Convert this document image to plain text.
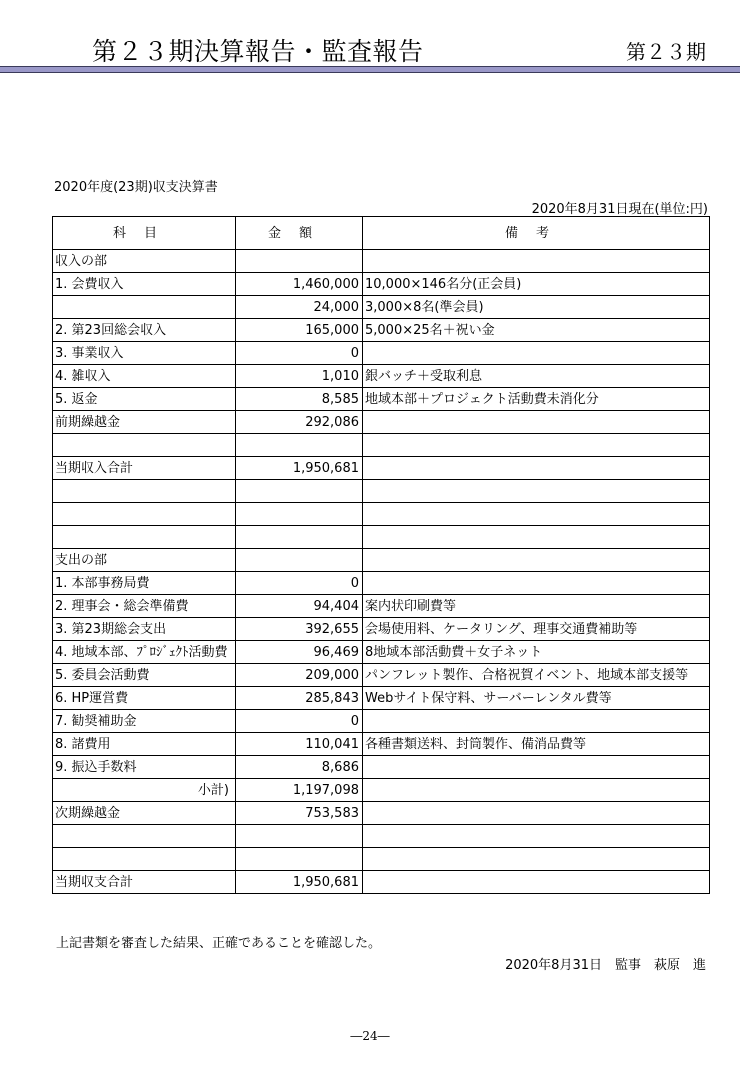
第２３期決算報告・監査報告	第２３期
2020年度(23期)収支決算書
2020年8月31日現在(単位:円)
科目	金額	備考
収入の部		
1. 会費収入	1,460,000	10,000×146名分(正会員)
	24,000	3,000×8名(準会員)
2. 第23回総会収入	165,000	5,000×25名＋祝い金
3. 事業収入	0	
4. 雑収入	1,010	銀バッチ＋受取利息
5. 返金	8,585	地域本部＋プロジェクト活動費未消化分
前期繰越金	292,086	

当期収入合計	1,950,681	

支出の部		
1. 本部事務局費	0	
2. 理事会・総会準備費	94,404	案内状印刷費等
3. 第23期総会支出	392,655	会場使用料、ケータリング、理事交通費補助等
4. 地域本部、ﾌﾟﾛｼﾞｪｸﾄ活動費	96,469	8地域本部活動費＋女子ネット
5. 委員会活動費	209,000	パンフレット製作、合格祝賀イベント、地域本部支援等
6. HP運営費	285,843	Webサイト保守料、サーバーレンタル費等
7. 勧奨補助金	0	
8. 諸費用	110,041	各種書類送料、封筒製作、備消品費等
9. 振込手数料	8,686	
小計)	1,197,098	
次期繰越金	753,583	

当期収支合計	1,950,681	
上記書類を審査した結果、正確であることを確認した。
2020年8月31日　監事　萩原　進
―24―
